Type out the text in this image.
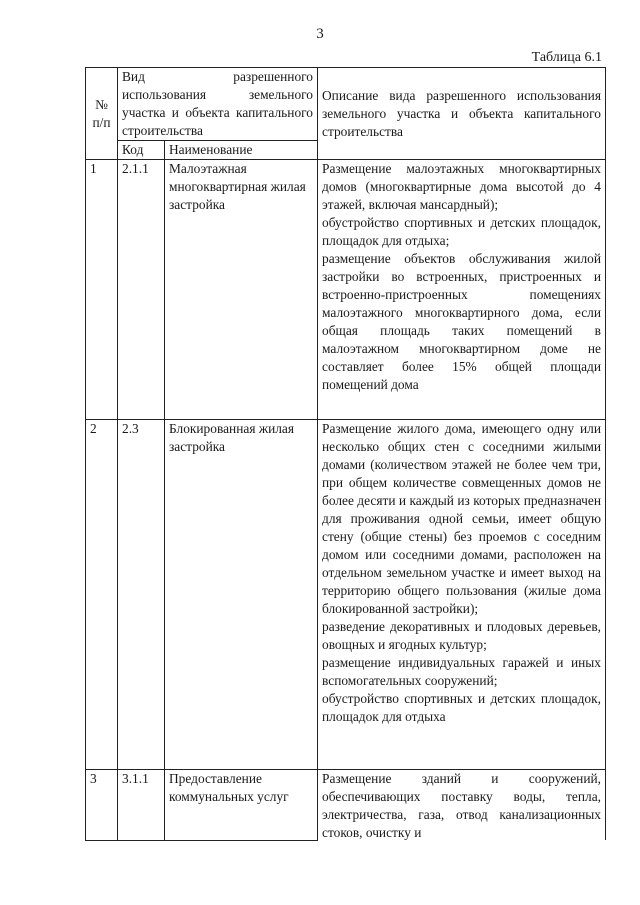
3
Таблица 6.1
№ п/п	Вид разрешенного использования земельного участка и объекта капитального строительства		Описание вида разрешенного использования земельного участка и объекта капитального строительства
	Код	Наименование	
1	2.1.1	Малоэтажная многоквартирная жилая застройка	Размещение малоэтажных многоквартирных домов (многоквартирные дома высотой до 4 этажей, включая мансардный);
обустройство спортивных и детских площадок, площадок для отдыха;
размещение объектов обслуживания жилой застройки во встроенных, пристроенных и встроенно-пристроенных помещениях малоэтажного многоквартирного дома, если общая площадь таких помещений в малоэтажном многоквартирном доме не составляет более 15% общей площади помещений дома

2	2.3	Блокированная жилая застройка	Размещение жилого дома, имеющего одну или несколько общих стен с соседними жилыми домами (количеством этажей не более чем три, при общем количестве совмещенных домов не более десяти и каждый из которых предназначен для проживания одной семьи, имеет общую стену (общие стены) без проемов с соседним домом или соседними домами, расположен на отдельном земельном участке и имеет выход на территорию общего пользования (жилые дома блокированной застройки);
разведение декоративных и плодовых деревьев, овощных и ягодных культур;
размещение индивидуальных гаражей и иных вспомогательных сооружений;
обустройство спортивных и детских площадок, площадок для отдыха

3	3.1.1	Предоставление коммунальных услуг	Размещение зданий и сооружений, обеспечивающих поставку воды, тепла, электричества, газа, отвод канализационных стоков, очистку и
